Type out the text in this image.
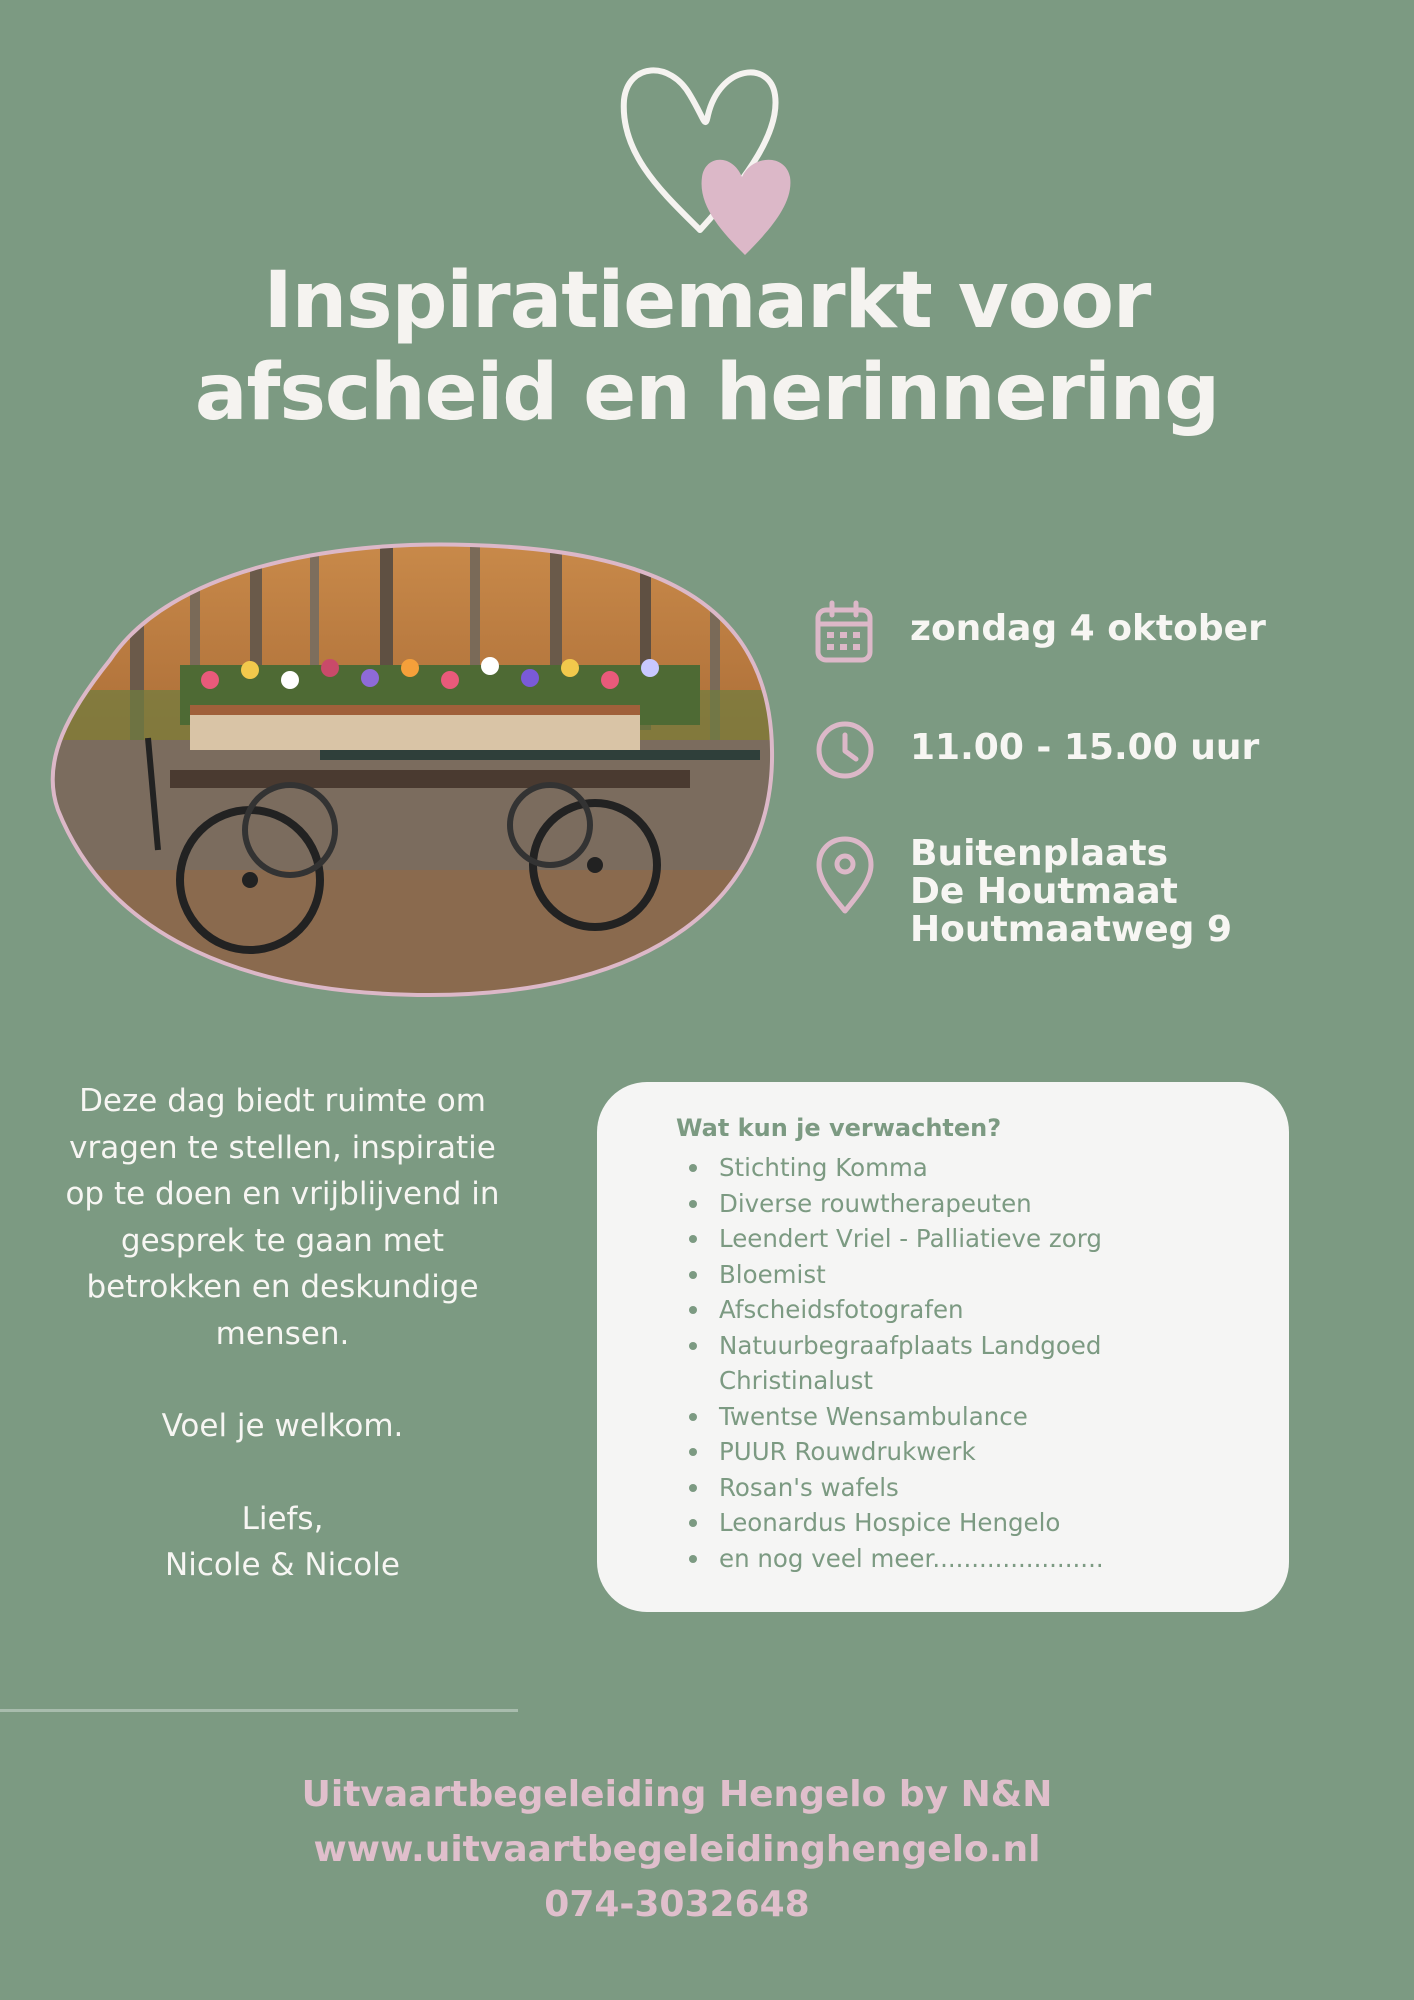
Inspiratiemarkt voor
afscheid en herinnering
zondag 4 oktober
11.00 - 15.00 uur
Buitenplaats
De Houtmaat
Houtmaatweg 9

Deze dag biedt ruimte om vragen te stellen, inspiratie op te doen en vrijblijvend in gesprek te gaan met betrokken en deskundige mensen.

Voel je welkom.

Liefs,

Nicole & Nicole

Wat kun je verwachten?
Stichting Komma
Diverse rouwtherapeuten
Leendert Vriel - Palliatieve zorg
Bloemist
Afscheidsfotografen
Natuurbegraafplaats Landgoed Christinalust
Twentse Wensambulance
PUUR Rouwdrukwerk
Rosan's wafels
Leonardus Hospice Hengelo
en nog veel meer......................
Uitvaartbegeleiding Hengelo by N&N
www.uitvaartbegeleidinghengelo.nl
074-3032648
